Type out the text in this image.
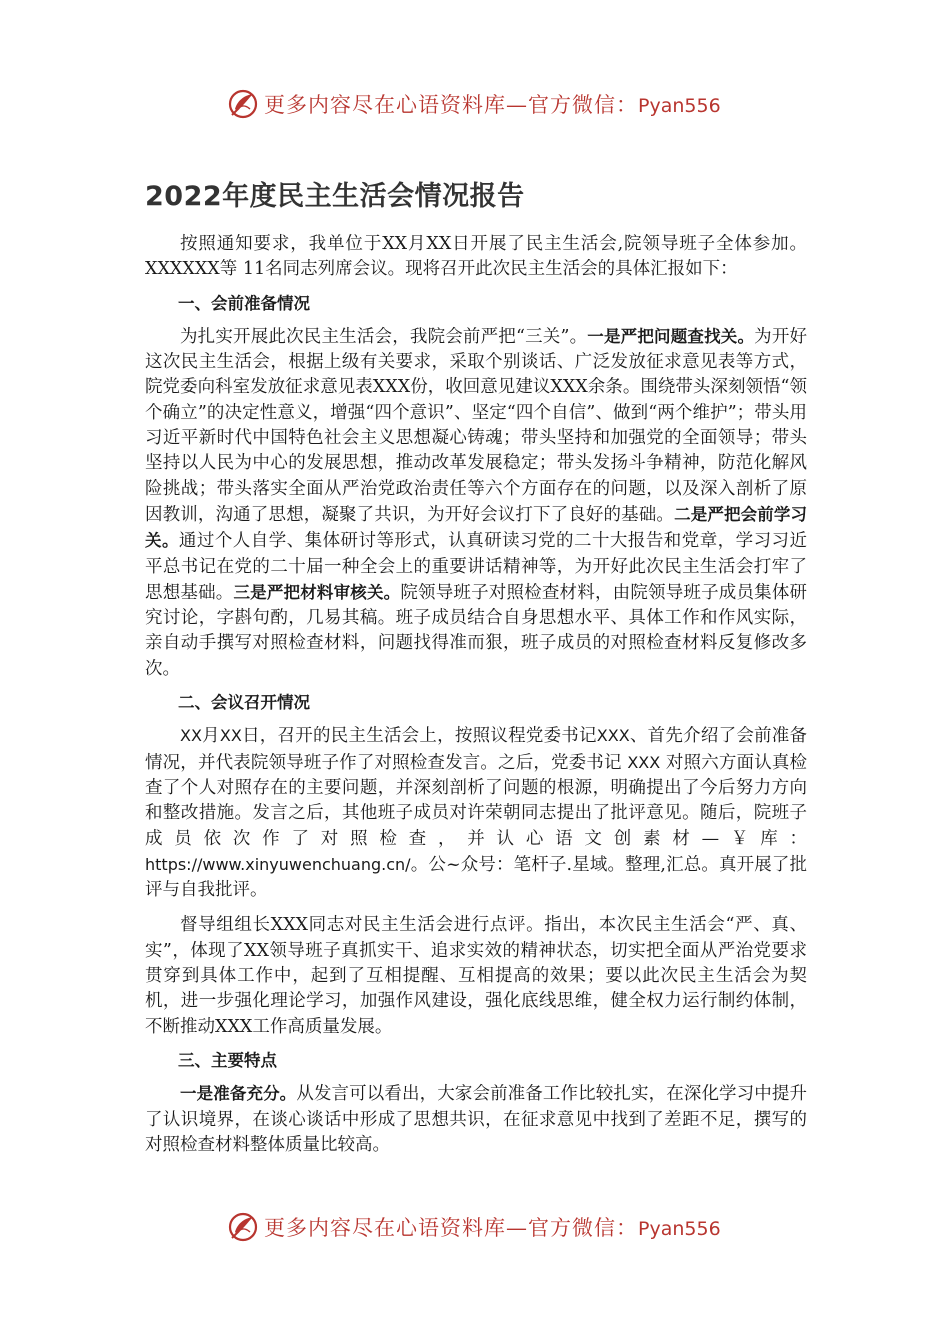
更多内容尽在心语资料库—官方微信：Pyan556
2022年度民主生活会情况报告

按照通知要求，我单位于XX月XX日开展了民主生活会,院领导班子全体参加。XXXXXX等 11名同志列席会议。现将召开此次民主生活会的具体汇报如下：

一、会前准备情况

为扎实开展此次民主生活会，我院会前严把“三关”。一是严把问题查找关。为开好这次民主生活会，根据上级有关要求，采取个别谈话、广泛发放征求意见表等方式，院党委向科室发放征求意见表XXX份，收回意见建议XXX余条。围绕带头深刻领悟“领个确立”的决定性意义，增强“四个意识”、坚定“四个自信”、做到“两个维护”；带头用习近平新时代中国特色社会主义思想凝心铸魂；带头坚持和加强党的全面领导；带头坚持以人民为中心的发展思想，推动改革发展稳定；带头发扬斗争精神，防范化解风险挑战；带头落实全面从严治党政治责任等六个方面存在的问题，以及深入剖析了原因教训，沟通了思想，凝聚了共识，为开好会议打下了良好的基础。二是严把会前学习关。通过个人自学、集体研讨等形式，认真研读习党的二十大报告和党章，学习习近平总书记在党的二十届一种全会上的重要讲话精神等，为开好此次民主生活会打牢了思想基础。三是严把材料审核关。院领导班子对照检查材料，由院领导班子成员集体研究讨论，字斟句酌，几易其稿。班子成员结合自身思想水平、具体工作和作风实际，亲自动手撰写对照检查材料，问题找得准而狠，班子成员的对照检查材料反复修改多次。

二、会议召开情况

XX月XX日，召开的民主生活会上，按照议程党委书记XXX、首先介绍了会前准备情况，并代表院领导班子作了对照检查发言。之后，党委书记 XXX 对照六方面认真检查了个人对照存在的主要问题，并深刻剖析了问题的根源，明确提出了今后努力方向和整改措施。发言之后，其他班子成员对许荣朝同志提出了批评意见。随后，院班子成员依次作了对照检查，并认心语文创素材—￥库：https://www.xinyuwenchuang.cn/。公~众号：笔杆子.星域。整理,汇总。真开展了批评与自我批评。

督导组组长XXX同志对民主生活会进行点评。指出，本次民主生活会“严、真、实”，体现了XX领导班子真抓实干、追求实效的精神状态，切实把全面从严治党要求贯穿到具体工作中，起到了互相提醒、互相提高的效果；要以此次民主生活会为契机，进一步强化理论学习，加强作风建设，强化底线思维，健全权力运行制约体制，不断推动XXX工作高质量发展。

三、主要特点

一是准备充分。从发言可以看出，大家会前准备工作比较扎实，在深化学习中提升了认识境界，在谈心谈话中形成了思想共识，在征求意见中找到了差距不足，撰写的对照检查材料整体质量比较高。

更多内容尽在心语资料库—官方微信：Pyan556
